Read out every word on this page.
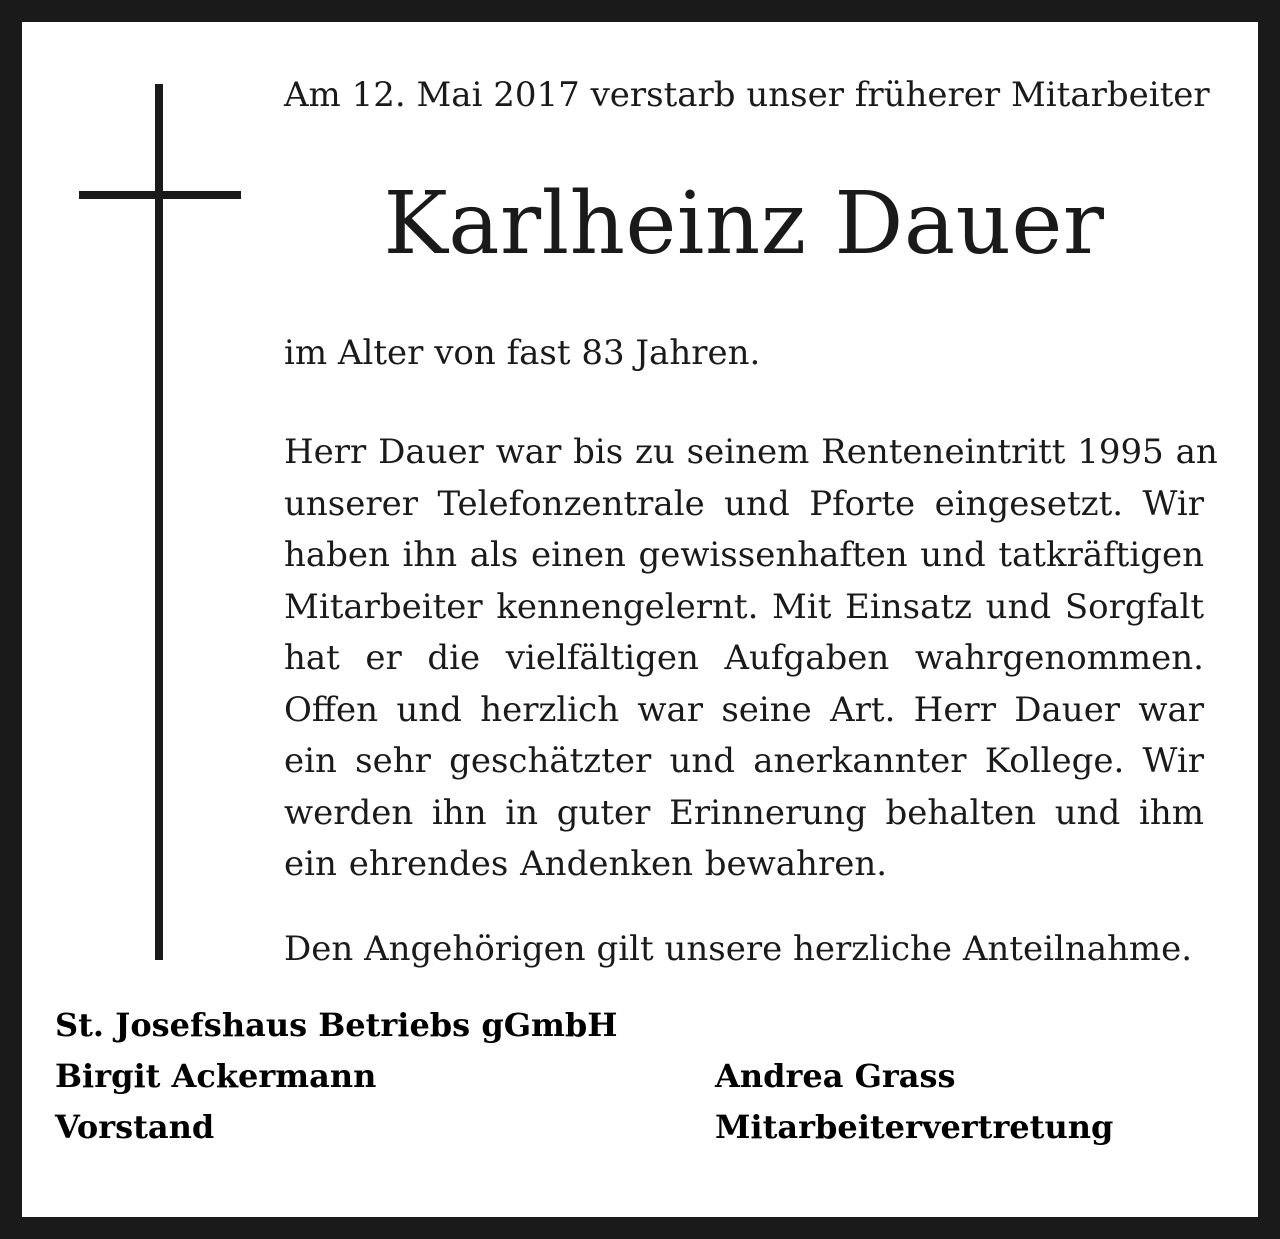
Am 12. Mai 2017 verstarb unser früherer Mitarbeiter
Karlheinz Dauer
im Alter von fast 83 Jahren.
Herr Dauer war bis zu seinem Renteneintritt 1995 an
unserer Telefonzentrale und Pforte eingesetzt. Wir
haben ihn als einen gewissenhaften und tatkräftigen
Mitarbeiter kennengelernt. Mit Einsatz und Sorgfalt
hat er die vielfältigen Aufgaben wahrgenommen.
Offen und herzlich war seine Art. Herr Dauer war
ein sehr geschätzter und anerkannter Kollege. Wir
werden ihn in guter Erinnerung behalten und ihm
ein ehrendes Andenken bewahren.
Den Angehörigen gilt unsere herzliche Anteilnahme.
St. Josefshaus Betriebs gGmbH
Birgit Ackermann
Vorstand
Andrea Grass
Mitarbeitervertretung
